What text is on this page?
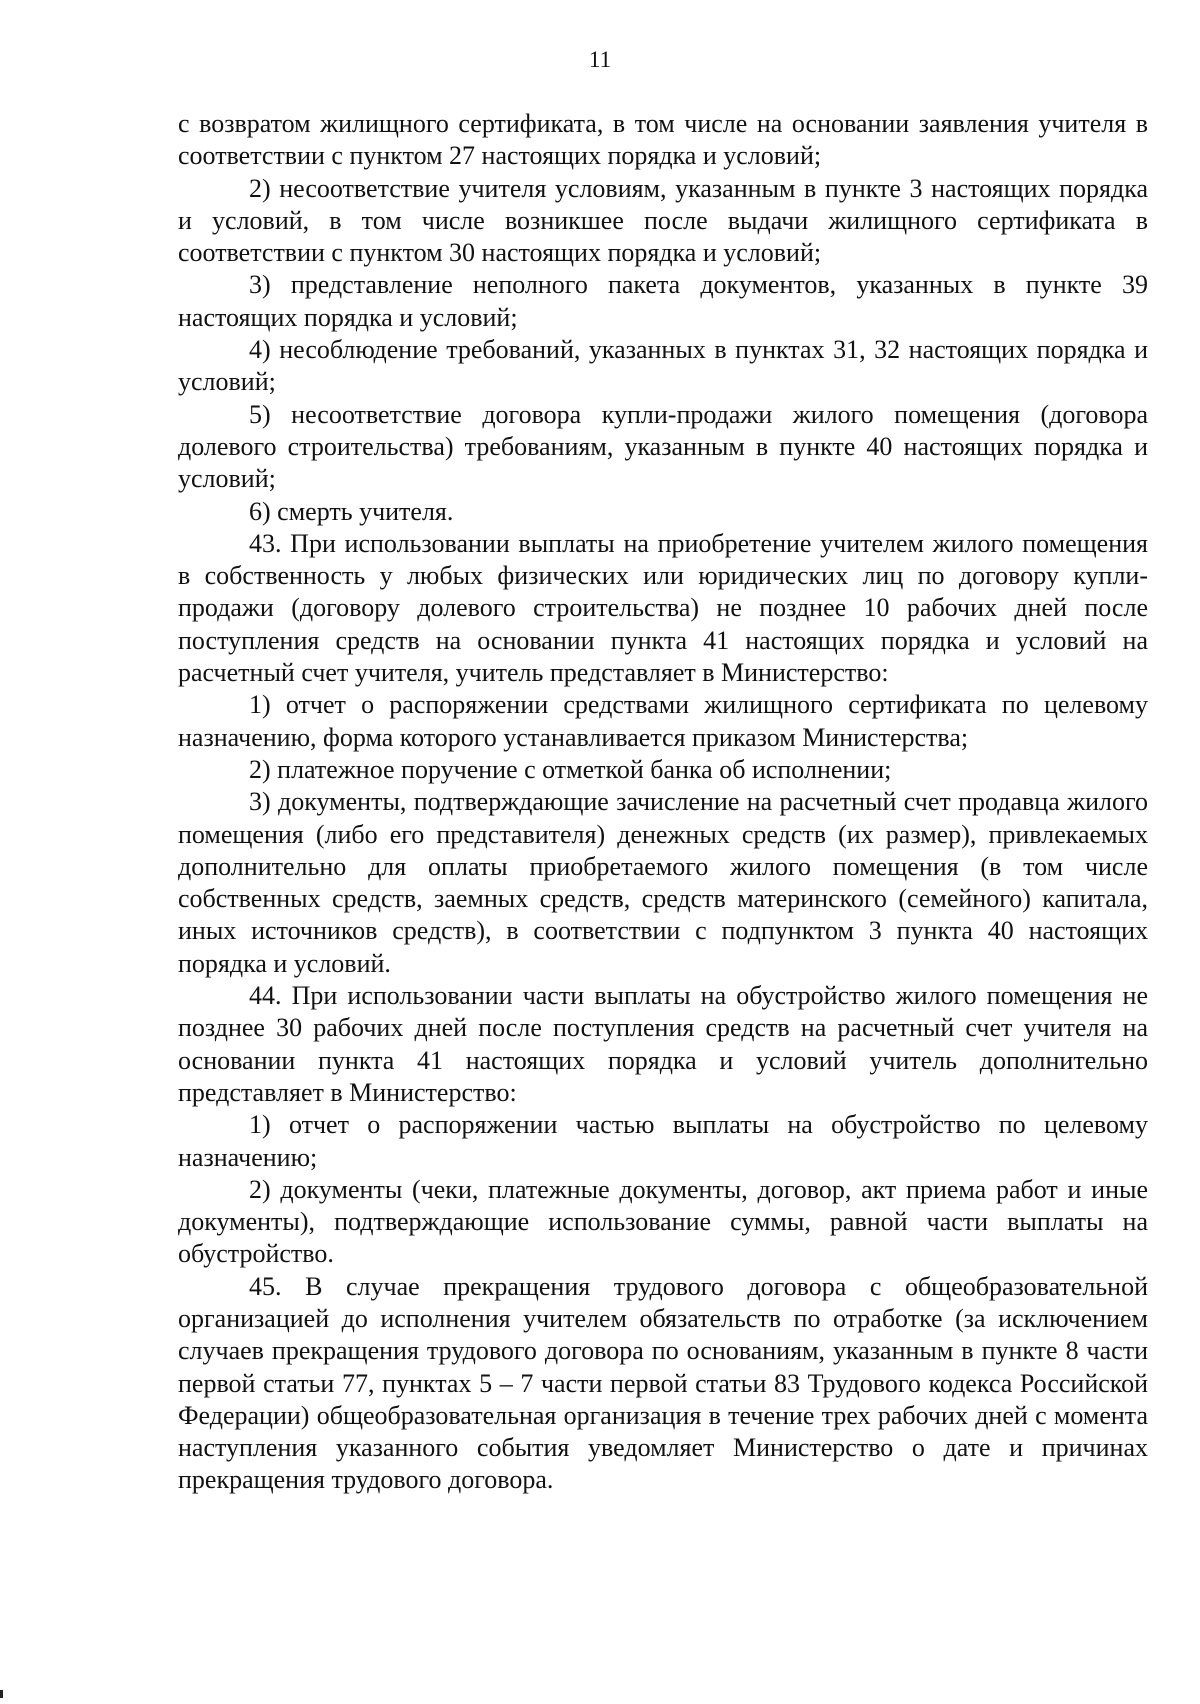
11

с возвратом жилищного сертификата, в том числе на основании заявления учителя в соответствии с пунктом 27 настоящих порядка и условий;

2) несоответствие учителя условиям, указанным в пункте 3 настоящих порядка и условий, в том числе возникшее после выдачи жилищного сертификата в соответствии с пунктом 30 настоящих порядка и условий;

3) представление неполного пакета документов, указанных в пункте 39 настоящих порядка и условий;

4) несоблюдение требований, указанных в пунктах 31, 32 настоящих порядка и условий;

5) несоответствие договора купли-продажи жилого помещения (договора долевого строительства) требованиям, указанным в пункте 40 настоящих порядка и условий;

6) смерть учителя.

43. При использовании выплаты на приобретение учителем жилого помещения в собственность у любых физических или юридических лиц по договору купли-продажи (договору долевого строительства) не позднее 10 рабочих дней после поступления средств на основании пункта 41 настоящих порядка и условий на расчетный счет учителя, учитель представляет в Министерство:

1) отчет о распоряжении средствами жилищного сертификата по целевому назначению, форма которого устанавливается приказом Министерства;

2) платежное поручение с отметкой банка об исполнении;

3) документы, подтверждающие зачисление на расчетный счет продавца жилого помещения (либо его представителя) денежных средств (их размер), привлекаемых дополнительно для оплаты приобретаемого жилого помещения (в том числе собственных средств, заемных средств, средств материнского (семейного) капитала, иных источников средств), в соответствии с подпунктом 3 пункта 40 настоящих порядка и условий.

44. При использовании части выплаты на обустройство жилого помещения не позднее 30 рабочих дней после поступления средств на расчетный счет учителя на основании пункта 41 настоящих порядка и условий учитель дополнительно представляет в Министерство:

1) отчет о распоряжении частью выплаты на обустройство по целевому назначению;

2) документы (чеки, платежные документы, договор, акт приема работ и иные документы), подтверждающие использование суммы, равной части выплаты на обустройство.

45. В случае прекращения трудового договора с общеобразовательной организацией до исполнения учителем обязательств по отработке (за исключением случаев прекращения трудового договора по основаниям, указанным в пункте 8 части первой статьи 77, пунктах 5 – 7 части первой статьи 83 Трудового кодекса Российской Федерации) общеобразовательная организация в течение трех рабочих дней с момента наступления указанного события уведомляет Министерство о дате и причинах прекращения трудового договора.
